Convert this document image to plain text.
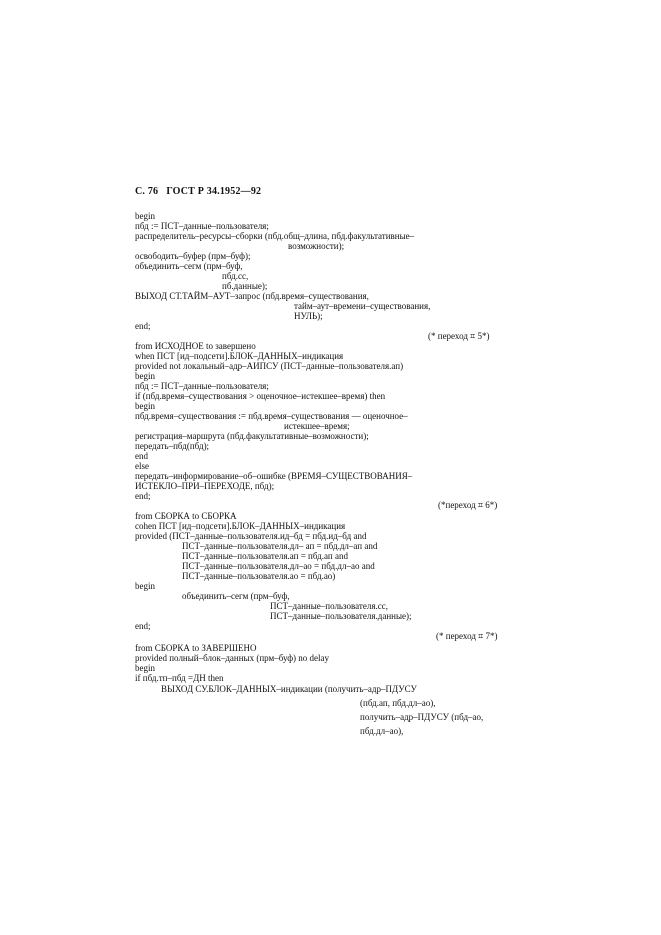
С. 76 ГОСТ Р 34.1952—92
begin
пбд := ПСТ–данные–пользователя;
распределитель–ресурсы–сборки (пбд.общ–длина, пбд.факультативные–
возможности);
освободить–буфер (прм–буф);
объединить–сегм (прм–буф,
пбд.сс,
пб.данные);
ВЫХОД СТ.ТАЙМ–АУТ–запрос (пбд.время–существования,
тайм–аут–времени–существования,
НУЛЬ);
end;
(* переход ⌗ 5*)
from ИСХОДНОЕ to завершено
when ПСТ [ид–подсети].БЛОК–ДАННЫХ–индикация
provided not локальный–адр–АИПСУ (ПСТ–данные–пользователя.ап)
begin
пбд := ПСТ–данные–пользователя;
if (пбд.время–существования > оценочное–истекшее–время) then
begin
пбд.время–существования := пбд.время–существования — оценочное–
истекшее–время;
регистрация–маршрута (пбд.факультативные–возможности);
передать–пбд(пбд);
end
else
передать–информирование–об–ошибке (ВРЕМЯ–СУЩЕСТВОВАНИЯ–
ИСТЕКЛО–ПРИ–ПЕРЕХОДЕ, пбд);
end;
(*переход ⌗ 6*)
from СБОРКА to СБОРКА
cohen ПСТ [ид–подсети].БЛОК–ДАННЫХ–индикация
provided (ПСТ–данные–пользователя.ид–бд = пбд.ид–бд and
ПСТ–данные–пользователя.дл– ап = пбд.дл–ап and
ПСТ–данные–пользователя.ап = пбд.ап and
ПСТ–данные–пользователя.дл–ао = пбд.дл–ао and
ПСТ–данные–пользователя.ао = пбд.ао)
begin
объединить–сегм (прм–буф,
ПСТ–данные–пользователя.сс,
ПСТ–данные–пользователя.данные);
end;
(* переход ⌗ 7*)
from СБОРКА to ЗАВЕРШЕНО
provided полный–блок–данных (прм–буф) no delay
begin
if пбд.тп–пбд =ДН then
ВЫХОД СУ.БЛОК–ДАННЫХ–индикации (получить–адр–ПДУСУ
(пбд.ап, пбд.дл–ао),
получить–адр–ПДУСУ (пбд–ао,
пбд.дл–ао),
